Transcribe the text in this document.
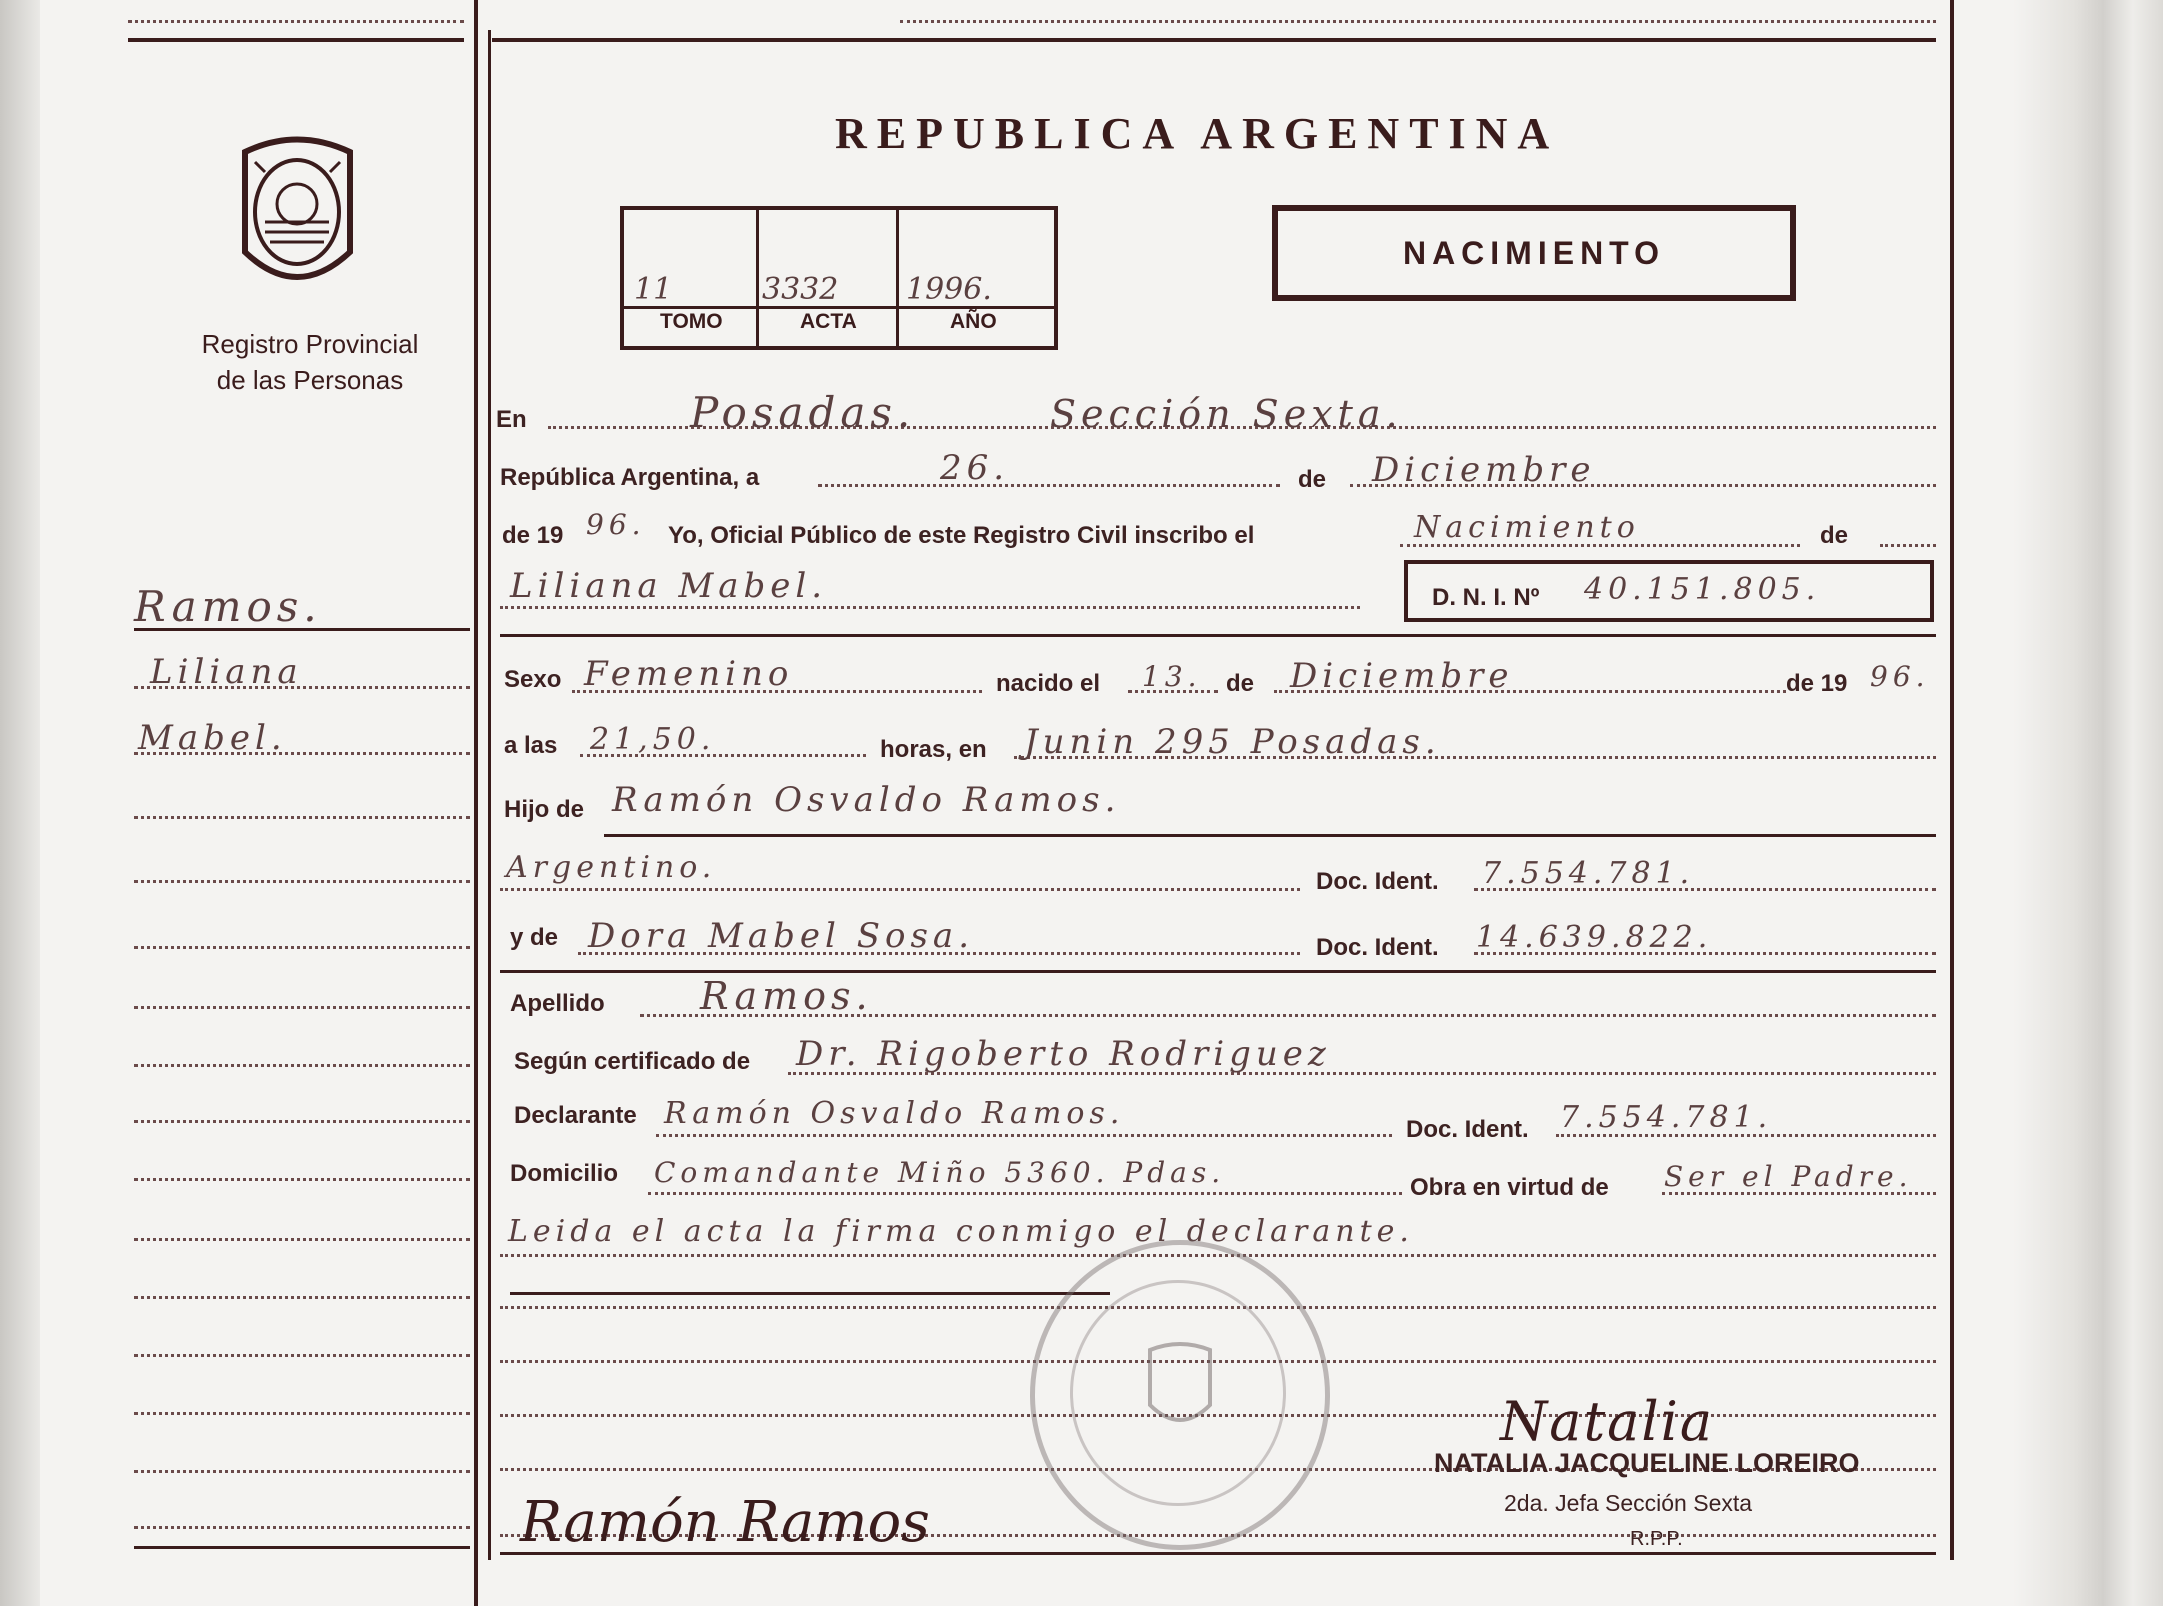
Registro Provincial
de las Personas
REPUBLICA ARGENTINA
11	3332 1996.
TOMO	ACTA	AÑO
NACIMIENTO
Ramos.
Liliana
Mabel.
En	Posadas.	Sección Sexta.
República Argentina, a	26.	de Diciembre
de 19 96. Yo, Oficial Público de este Registro Civil inscribo el	Nacimiento	de
Liliana Mabel.	D. N. I. Nº 40.151.805.
Sexo Femenino	nacido el 13. de Diciembre	de 19 96.
a las 21,50.	horas, en Junin 295 Posadas.
Hijo de Ramón Osvaldo Ramos.
Argentino.	Doc. Ident. 7.554.781.
y de Dora Mabel Sosa.	Doc. Ident. 14.639.822.
Apellido	Ramos.
Según certificado de Dr. Rigoberto Rodriguez
Declarante Ramón Osvaldo Ramos.	Doc. Ident. 7.554.781.
Domicilio Comandante Miño 5360. Pdas.	Obra en virtud de Ser el Padre.
Leida el acta la firma conmigo el declarante.
Ramón Ramos
Natalia
NATALIA JACQUELINE LOREIRO
2da. Jefa Sección Sexta
R.P.P.
